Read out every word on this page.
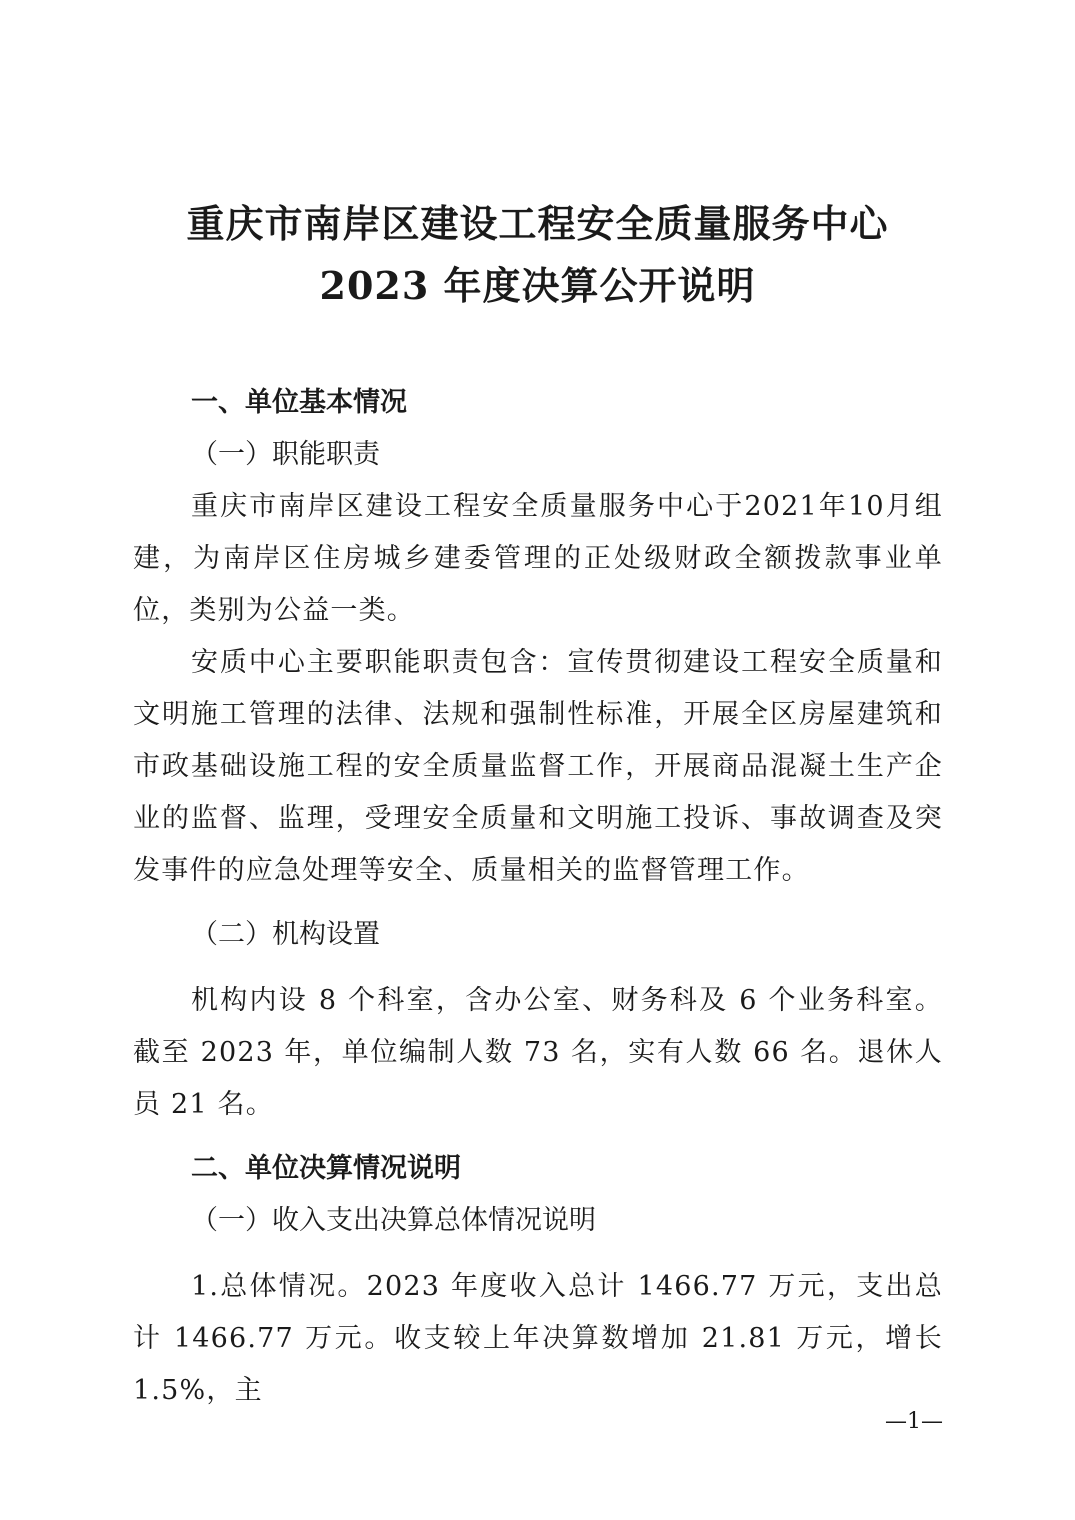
重庆市南岸区建设工程安全质量服务中心
2023 年度决算公开说明

一、单位基本情况

（一）职能职责

重庆市南岸区建设工程安全质量服务中心于2021年10月组建，为南岸区住房城乡建委管理的正处级财政全额拨款事业单位，类别为公益一类。

安质中心主要职能职责包含：宣传贯彻建设工程安全质量和文明施工管理的法律、法规和强制性标准，开展全区房屋建筑和市政基础设施工程的安全质量监督工作，开展商品混凝土生产企业的监督、监理，受理安全质量和文明施工投诉、事故调查及突发事件的应急处理等安全、质量相关的监督管理工作。

（二）机构设置

机构内设 8 个科室，含办公室、财务科及 6 个业务科室。截至 2023 年，单位编制人数 73 名，实有人数 66 名。退休人员 21 名。

二、单位决算情况说明

（一）收入支出决算总体情况说明

1.总体情况。2023 年度收入总计 1466.77 万元，支出总计 1466.77 万元。收支较上年决算数增加 21.81 万元，增长 1.5%，主

—1—
